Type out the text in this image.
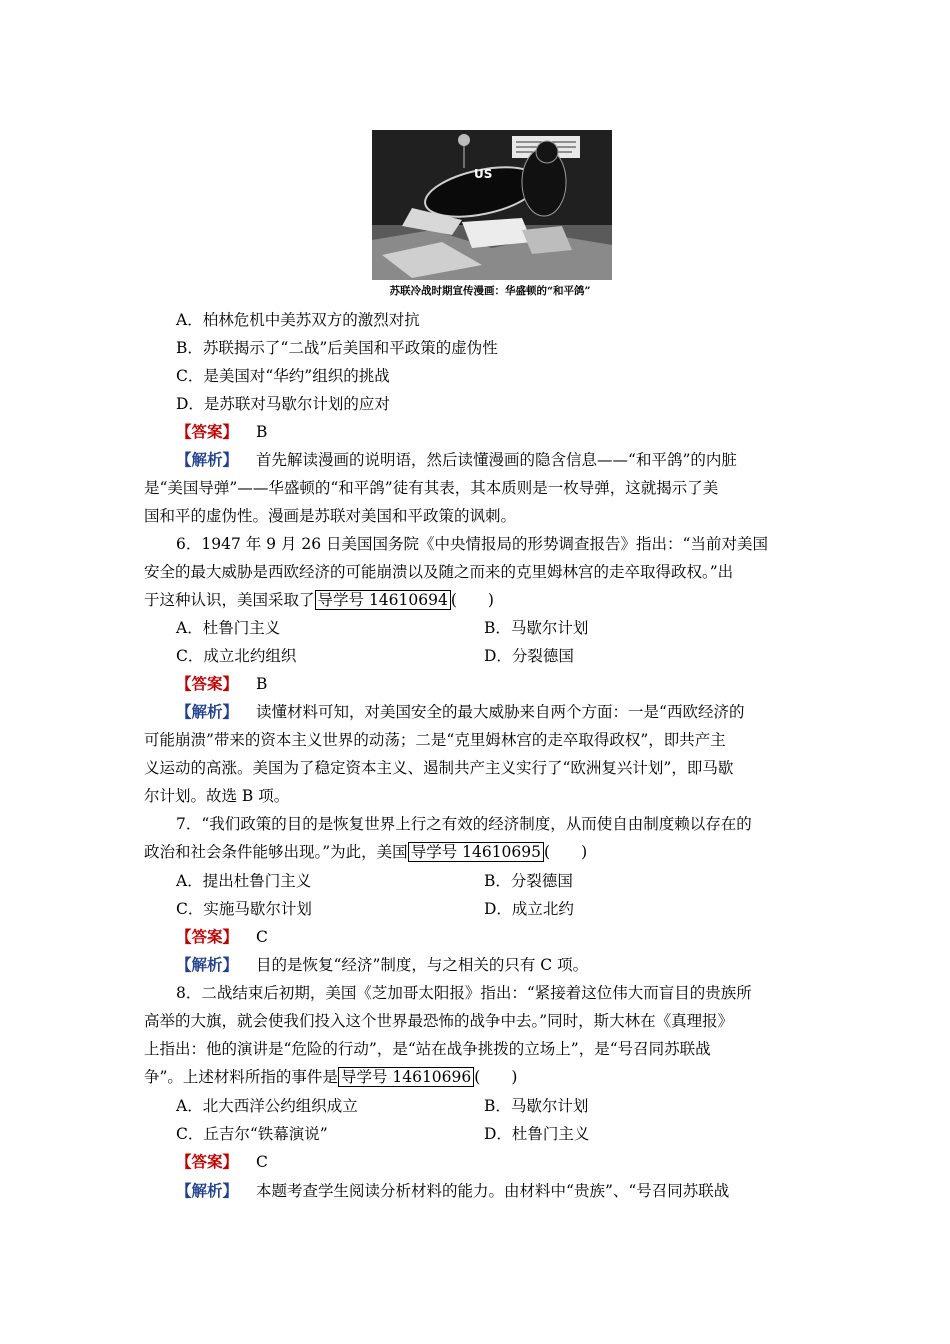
US
苏联冷战时期宣传漫画：华盛顿的“和平鸽”
A．柏林危机中美苏双方的激烈对抗
B．苏联揭示了“二战”后美国和平政策的虚伪性
C．是美国对“华约”组织的挑战
D．是苏联对马歇尔计划的应对
【答案】 B
【解析】 首先解读漫画的说明语，然后读懂漫画的隐含信息——“和平鸽”的内脏
是“美国导弹”——华盛顿的“和平鸽”徒有其表，其本质则是一枚导弹，这就揭示了美
国和平的虚伪性。漫画是苏联对美国和平政策的讽刺。
6．1947 年 9 月 26 日美国国务院《中央情报局的形势调查报告》指出：“当前对美国
安全的最大威胁是西欧经济的可能崩溃以及随之而来的克里姆林宫的走卒取得政权。”出
于这种认识，美国采取了 导学号 14610694 (　　)
A．杜鲁门主义	B．马歇尔计划
C．成立北约组织	D．分裂德国
【答案】 B
【解析】 读懂材料可知，对美国安全的最大威胁来自两个方面：一是“西欧经济的
可能崩溃”带来的资本主义世界的动荡；二是“克里姆林宫的走卒取得政权”，即共产主
义运动的高涨。美国为了稳定资本主义、遏制共产主义实行了“欧洲复兴计划”，即马歇
尔计划。故选 B 项。
7．“我们政策的目的是恢复世界上行之有效的经济制度，从而使自由制度赖以存在的
政治和社会条件能够出现。”为此，美国 导学号 14610695 (　　)
A．提出杜鲁门主义	B．分裂德国
C．实施马歇尔计划	D．成立北约
【答案】 C
【解析】 目的是恢复“经济”制度，与之相关的只有 C 项。
8．二战结束后初期，美国《芝加哥太阳报》指出：“紧接着这位伟大而盲目的贵族所
高举的大旗，就会使我们投入这个世界最恐怖的战争中去。”同时，斯大林在《真理报》
上指出：他的演讲是“危险的行动”，是“站在战争挑拨的立场上”，是“号召同苏联战
争”。上述材料所指的事件是 导学号 14610696 (　　)
A．北大西洋公约组织成立	B．马歇尔计划
C．丘吉尔“铁幕演说”	D．杜鲁门主义
【答案】 C
【解析】 本题考查学生阅读分析材料的能力。由材料中“贵族”、“号召同苏联战
